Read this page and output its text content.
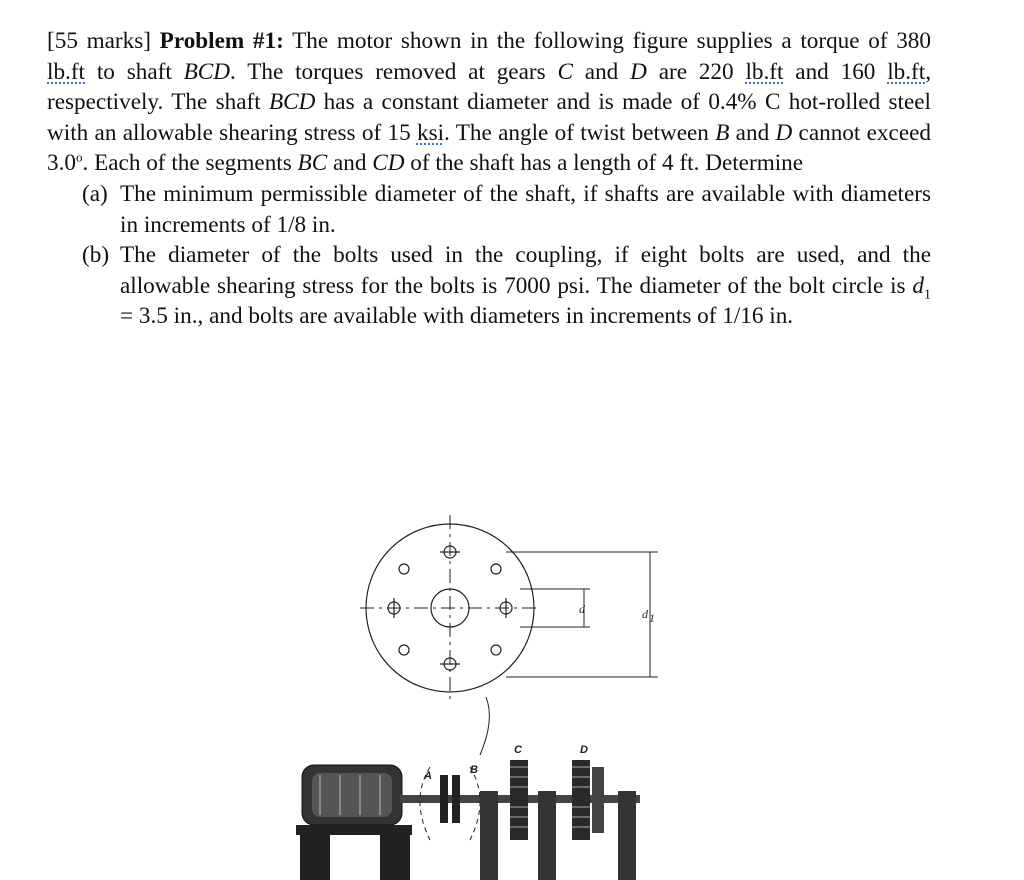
[55 marks] Problem #1: The motor shown in the following figure supplies a torque of 380 lb.ft to shaft BCD. The torques removed at gears C and D are 220 lb.ft and 160 lb.ft, respectively. The shaft BCD has a constant diameter and is made of 0.4% C hot-rolled steel with an allowable shearing stress of 15 ksi. The angle of twist between B and D cannot exceed 3.0$^o$. Each of the segments BC and CD of the shaft has a length of 4 ft. Determine

(a) The minimum permissible diameter of the shaft, if shafts are available with diameters in increments of 1/8 in.
(b) The diameter of the bolts used in the coupling, if eight bolts are used, and the allowable shearing stress for the bolts is 7000 psi. The diameter of the bolt circle is $d_1 = 3.5$ in., and bolts are available with diameters in increments of 1/16 in.
d	d 1
A	B
C	D
